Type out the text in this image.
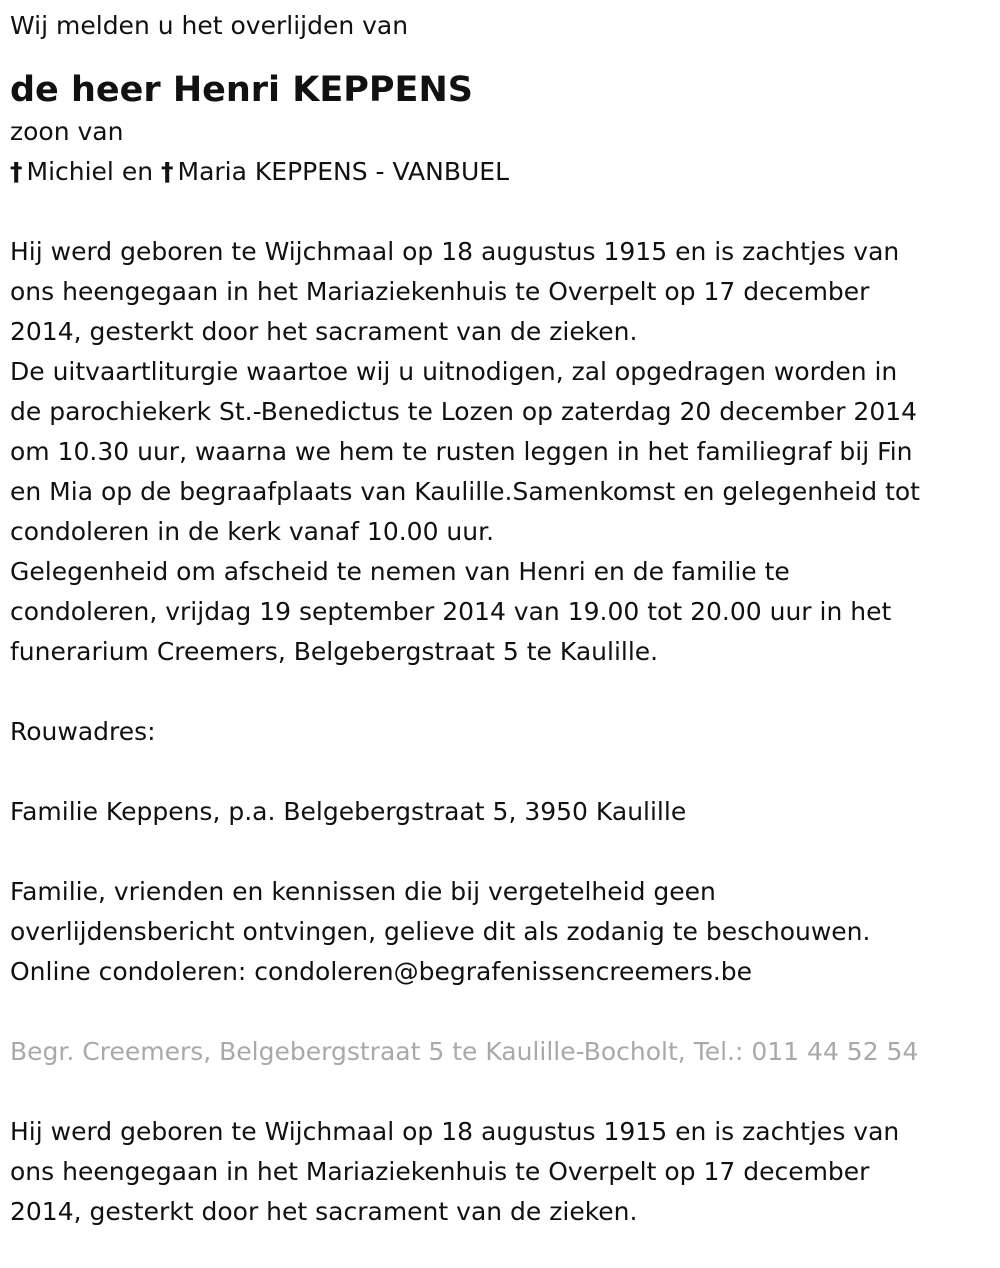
Wij melden u het overlijden van

de heer Henri KEPPENS

zoon van

† Michiel en † Maria KEPPENS - VANBUEL

Hij werd geboren te Wijchmaal op 18 augustus 1915 en is zachtjes van

ons heengegaan in het Mariaziekenhuis te Overpelt op 17 december

2014, gesterkt door het sacrament van de zieken.

De uitvaartliturgie waartoe wij u uitnodigen, zal opgedragen worden in

de parochiekerk St.-Benedictus te Lozen op zaterdag 20 december 2014

om 10.30 uur, waarna we hem te rusten leggen in het familiegraf bij Fin

en Mia op de begraafplaats van Kaulille.Samenkomst en gelegenheid tot

condoleren in de kerk vanaf 10.00 uur.

Gelegenheid om afscheid te nemen van Henri en de familie te

condoleren, vrijdag 19 september 2014 van 19.00 tot 20.00 uur in het

funerarium Creemers, Belgebergstraat 5 te Kaulille.

Rouwadres:

Familie Keppens, p.a. Belgebergstraat 5, 3950 Kaulille

Familie, vrienden en kennissen die bij vergetelheid geen

overlijdensbericht ontvingen, gelieve dit als zodanig te beschouwen.

Online condoleren: condoleren@begrafenissencreemers.be

Begr. Creemers, Belgebergstraat 5 te Kaulille-Bocholt, Tel.: 011 44 52 54

Hij werd geboren te Wijchmaal op 18 augustus 1915 en is zachtjes van

ons heengegaan in het Mariaziekenhuis te Overpelt op 17 december

2014, gesterkt door het sacrament van de zieken.
